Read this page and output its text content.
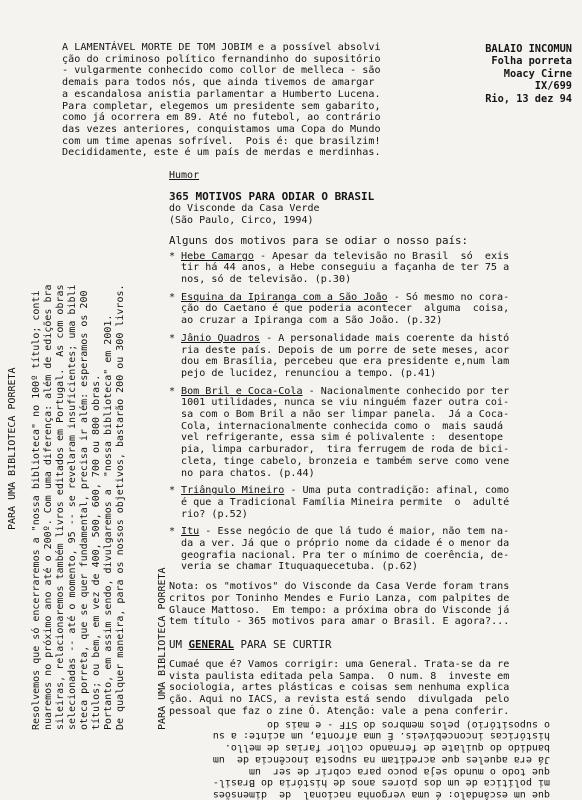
A LAMENTÁVEL MORTE DE TOM JOBIM e a possível absolvi
ção do criminoso político fernandinho do supositório
- vulgarmente conhecido como collor de melleca - são
demais para todos nós, que ainda tivemos de amargar
a escandalosa anistia parlamentar a Humberto Lucena.
Para completar, elegemos um presidente sem gabarito,
como já ocorrera em 89. Até no futebol, ao contrário
das vezes anteriores, conquistamos uma Copa do Mundo
com um time apenas sofrível.  Pois é: que brasilzim!
Decididamente, este é um país de merdas e merdinhas.
BALAIO INCOMUN
Folha porreta
Moacy Cirne
IX/699
Rio, 13 dez 94
Humor
365 MOTIVOS PARA ODIAR O BRASIL
do Visconde da Casa Verde
(São Paulo, Circo, 1994)
Alguns dos motivos para se odiar o nosso país:
* Hebe Camargo - Apesar da televisão no Brasil  só  exis
tir há 44 anos, a Hebe conseguiu a façanha de ter 75 a
nos, só de televisão. (p.30)
* Esquina da Ipiranga com a São João - Só mesmo no cora-
ção do Caetano é que poderia acontecer  alguma  coisa,
ao cruzar a Ipiranga com a São João. (p.32)
* Jânio Quadros - A personalidade mais coerente da histó
ria deste país. Depois de um porre de sete meses, acor
dou em Brasília, percebeu que era presidente e,num lam
pejo de lucidez, renunciou a tempo. (p.41)
* Bom Bril e Coca-Cola - Nacionalmente conhecido por ter
1001 utilidades, nunca se viu ninguém fazer outra coi-
sa com o Bom Bril a não ser limpar panela.  Já a Coca-
Cola, internacionalmente conhecida como o  mais saudá
vel refrigerante, essa sim é polivalente :  desentope
pia, limpa carburador,  tira ferrugem de roda de bici-
cleta, tinge cabelo, bronzeia e também serve como vene
no para chatos. (p.44)
* Triângulo Mineiro - Uma puta contradição: afinal, como
é que a Tradicional Família Mineira permite  o  adulté
rio? (p.52)
* Itu - Esse negócio de que lá tudo é maior, não tem na-
da a ver. Já que o próprio nome da cidade é o menor da
geografia nacional. Pra ter o mínimo de coerência, de-
veria se chamar Ituquaquecetuba. (p.62)
Nota: os "motivos" do Visconde da Casa Verde foram trans
critos por Toninho Mendes e Furio Lanza, com palpites de
Glauce Mattoso.  Em tempo: a próxima obra do Visconde já
tem título - 365 motivos para amar o Brasil. E agora?...
UM GENERAL PARA SE CURTIR
Cumaé que é? Vamos corrigir: uma General. Trata-se da re
vista paulista editada pela Sampa.  O num. 8  investe em
sociologia, artes plásticas e coisas sem nenhuma explica
ção. Aqui no IACS, a revista está sendo  divulgada  pelo
pessoal que faz o zine Ó. Atenção: vale a pena conferir.
PARA UMA BIBLIOTECA PORRETA
Resolvemos que só encerraremos a "nossa biblioteca" no 100º título; conti
nuaremos no próximo ano até o 200º. Com uma diferença: além de edições bra
sileiras, relacionaremos também livros editados em Portugal.  As com obras
selecionadas -- até o momento, 95 -- se revelaram insuficientes; uma bibli
oteca porreta, que se quer fundamental, precisa ir além: esperamos os 200
títulos; ou bem, em vez de 400, 500, 600, 700 ou 800 obras.
Portanto, em assim sendo, divulgaremos a  "nossa biblioteca" em 2001.
De qualquer maneira, para os nossos objetivos, bastarão 200 ou 300 livros.
PARA UMA BIBLIOTECA PORRETA
que um escândalo: é uma vergonha nacional  de  dimensões
mi política de um dos piores anos de história do Brasil-
que todo o mundo seja pouco para cobrir de ser  um
Já era aqueles que acreditam na suposta inocência de  um
bandido do quilate de fernando collor farias de mello.
históricas inconcebíveis. É uma afronta, um acinte: a su
o supositório) pelos membros do STF - e mais do
